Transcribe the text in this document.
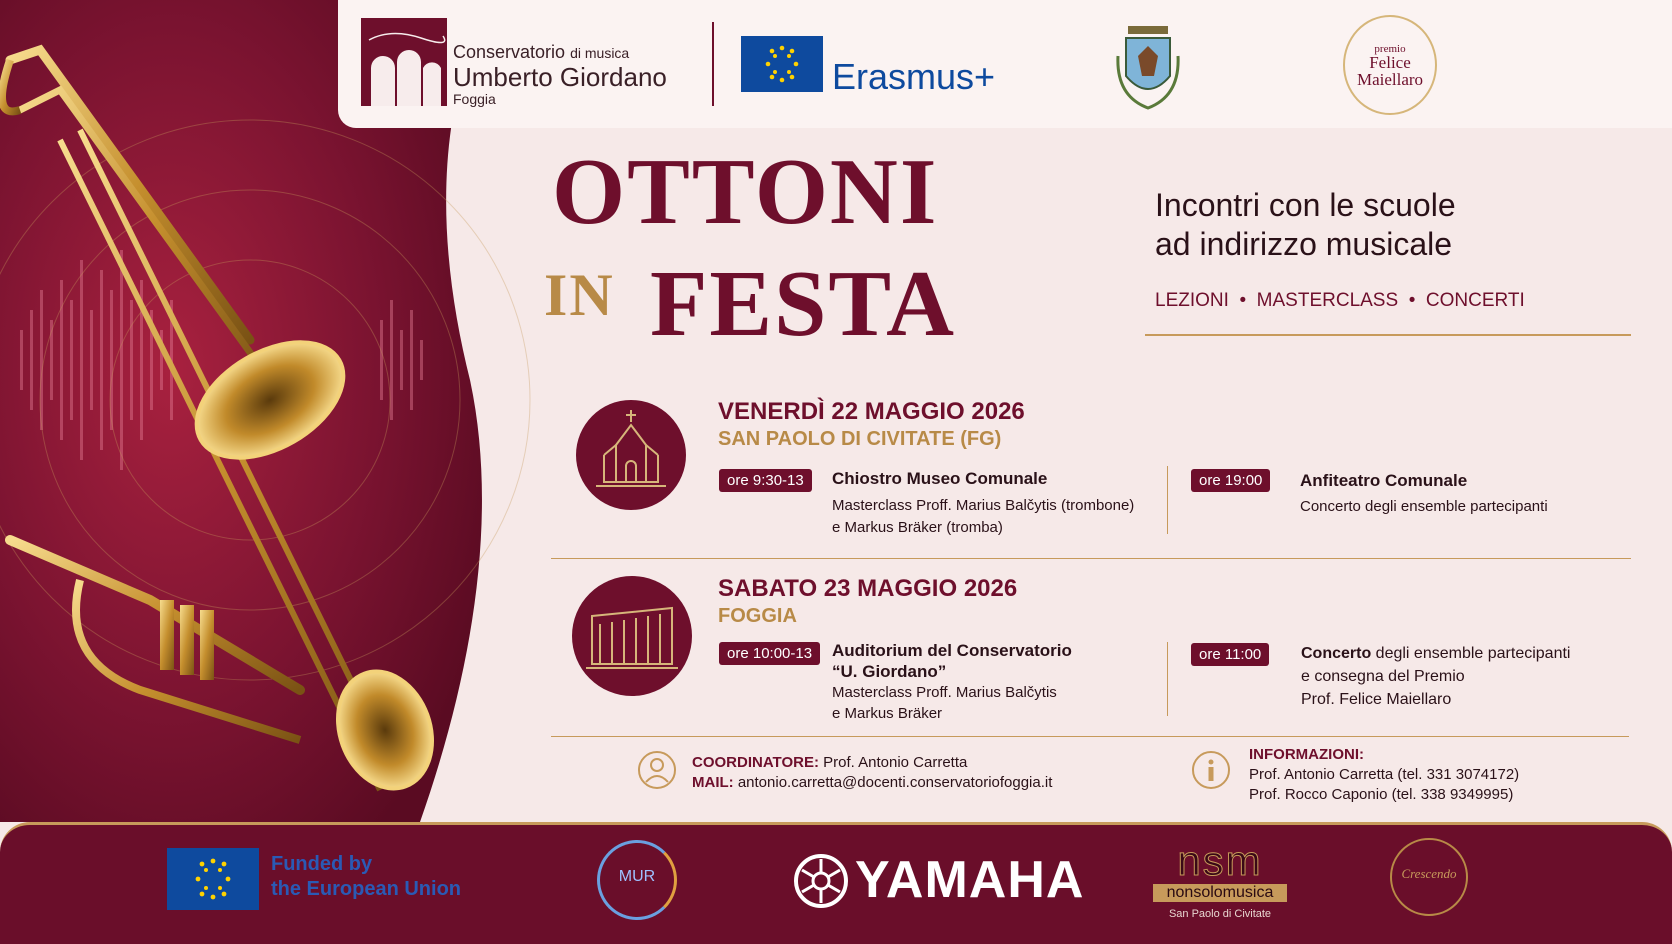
Conservatorio di musica
Umberto Giordano
Foggia
Erasmus+
premio
Felice
Maiellaro
OTTONI
IN FESTA
Incontri con le scuole
ad indirizzo musicale
LEZIONI  •  MASTERCLASS  •  CONCERTI
VENERDÌ 22 MAGGIO 2026
SAN PAOLO DI CIVITATE (FG)
ore 9:30-13	Chiostro Museo Comunale
Masterclass Proff. Marius Balčytis (trombone)
e Markus Bräker (tromba)
ore 19:00	Anfiteatro Comunale
Concerto degli ensemble partecipanti
SABATO 23 MAGGIO 2026
FOGGIA
ore 10:00-13	Auditorium del Conservatorio
“U. Giordano”
Masterclass Proff. Marius Balčytis
e Markus Bräker
ore 11:00	Concerto degli ensemble partecipanti
e consegna del Premio
Prof. Felice Maiellaro
COORDINATORE: Prof. Antonio Carretta
MAIL: antonio.carretta@docenti.conservatoriofoggia.it
INFORMAZIONI:
Prof. Antonio Carretta (tel. 331 3074172)
Prof. Rocco Caponio (tel. 338 9349995)
Funded by
the European Union
MUR	YAMAHA	nsm
nonsolomusica
San Paolo di Civitate
Crescendo
